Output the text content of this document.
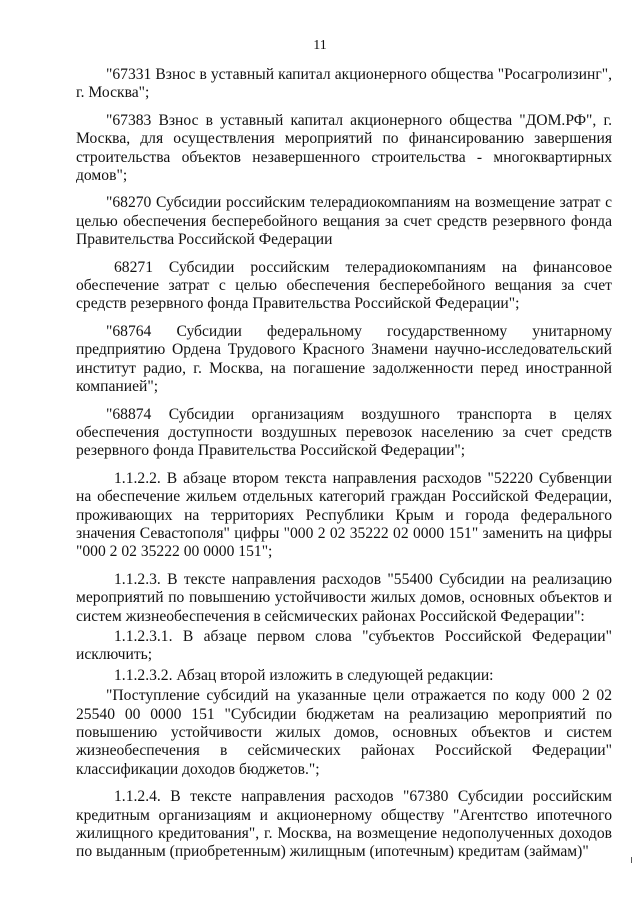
11

"67331 Взнос в уставный капитал акционерного общества "Росагролизинг", г. Москва";

"67383 Взнос в уставный капитал акционерного общества "ДОМ.РФ", г. Москва, для осуществления мероприятий по финансированию завершения строительства объектов незавершенного строительства - многоквартирных домов";

"68270 Субсидии российским телерадиокомпаниям на возмещение затрат с целью обеспечения бесперебойного вещания за счет средств резервного фонда Правительства Российской Федерации

68271 Субсидии российским телерадиокомпаниям на финансовое обеспечение затрат с целью обеспечения бесперебойного вещания за счет средств резервного фонда Правительства Российской Федерации";

"68764 Субсидии федеральному государственному унитарному предприятию Ордена Трудового Красного Знамени научно-исследовательский институт радио, г. Москва, на погашение задолженности перед иностранной компанией";

"68874 Субсидии организациям воздушного транспорта в целях обеспечения доступности воздушных перевозок населению за счет средств резервного фонда Правительства Российской Федерации";

1.1.2.2. В абзаце втором текста направления расходов "52220 Субвенции на обеспечение жильем отдельных категорий граждан Российской Федерации, проживающих на территориях Республики Крым и города федерального значения Севастополя" цифры "000 2 02 35222 02 0000 151" заменить на цифры "000 2 02 35222 00 0000 151";

1.1.2.3. В тексте направления расходов "55400 Субсидии на реализацию мероприятий по повышению устойчивости жилых домов, основных объектов и систем жизнеобеспечения в сейсмических районах Российской Федерации":

1.1.2.3.1. В абзаце первом слова "субъектов Российской Федерации" исключить;

1.1.2.3.2. Абзац второй изложить в следующей редакции:

"Поступление субсидий на указанные цели отражается по коду 000 2 02 25540 00 0000 151 "Субсидии бюджетам на реализацию мероприятий по повышению устойчивости жилых домов, основных объектов и систем жизнеобеспечения в сейсмических районах Российской Федерации" классификации доходов бюджетов.";

1.1.2.4. В тексте направления расходов "67380 Субсидии российским кредитным организациям и акционерному обществу "Агентство ипотечного жилищного кредитования", г. Москва, на возмещение недополученных доходов по выданным (приобретенным) жилищным (ипотечным) кредитам (займам)"
